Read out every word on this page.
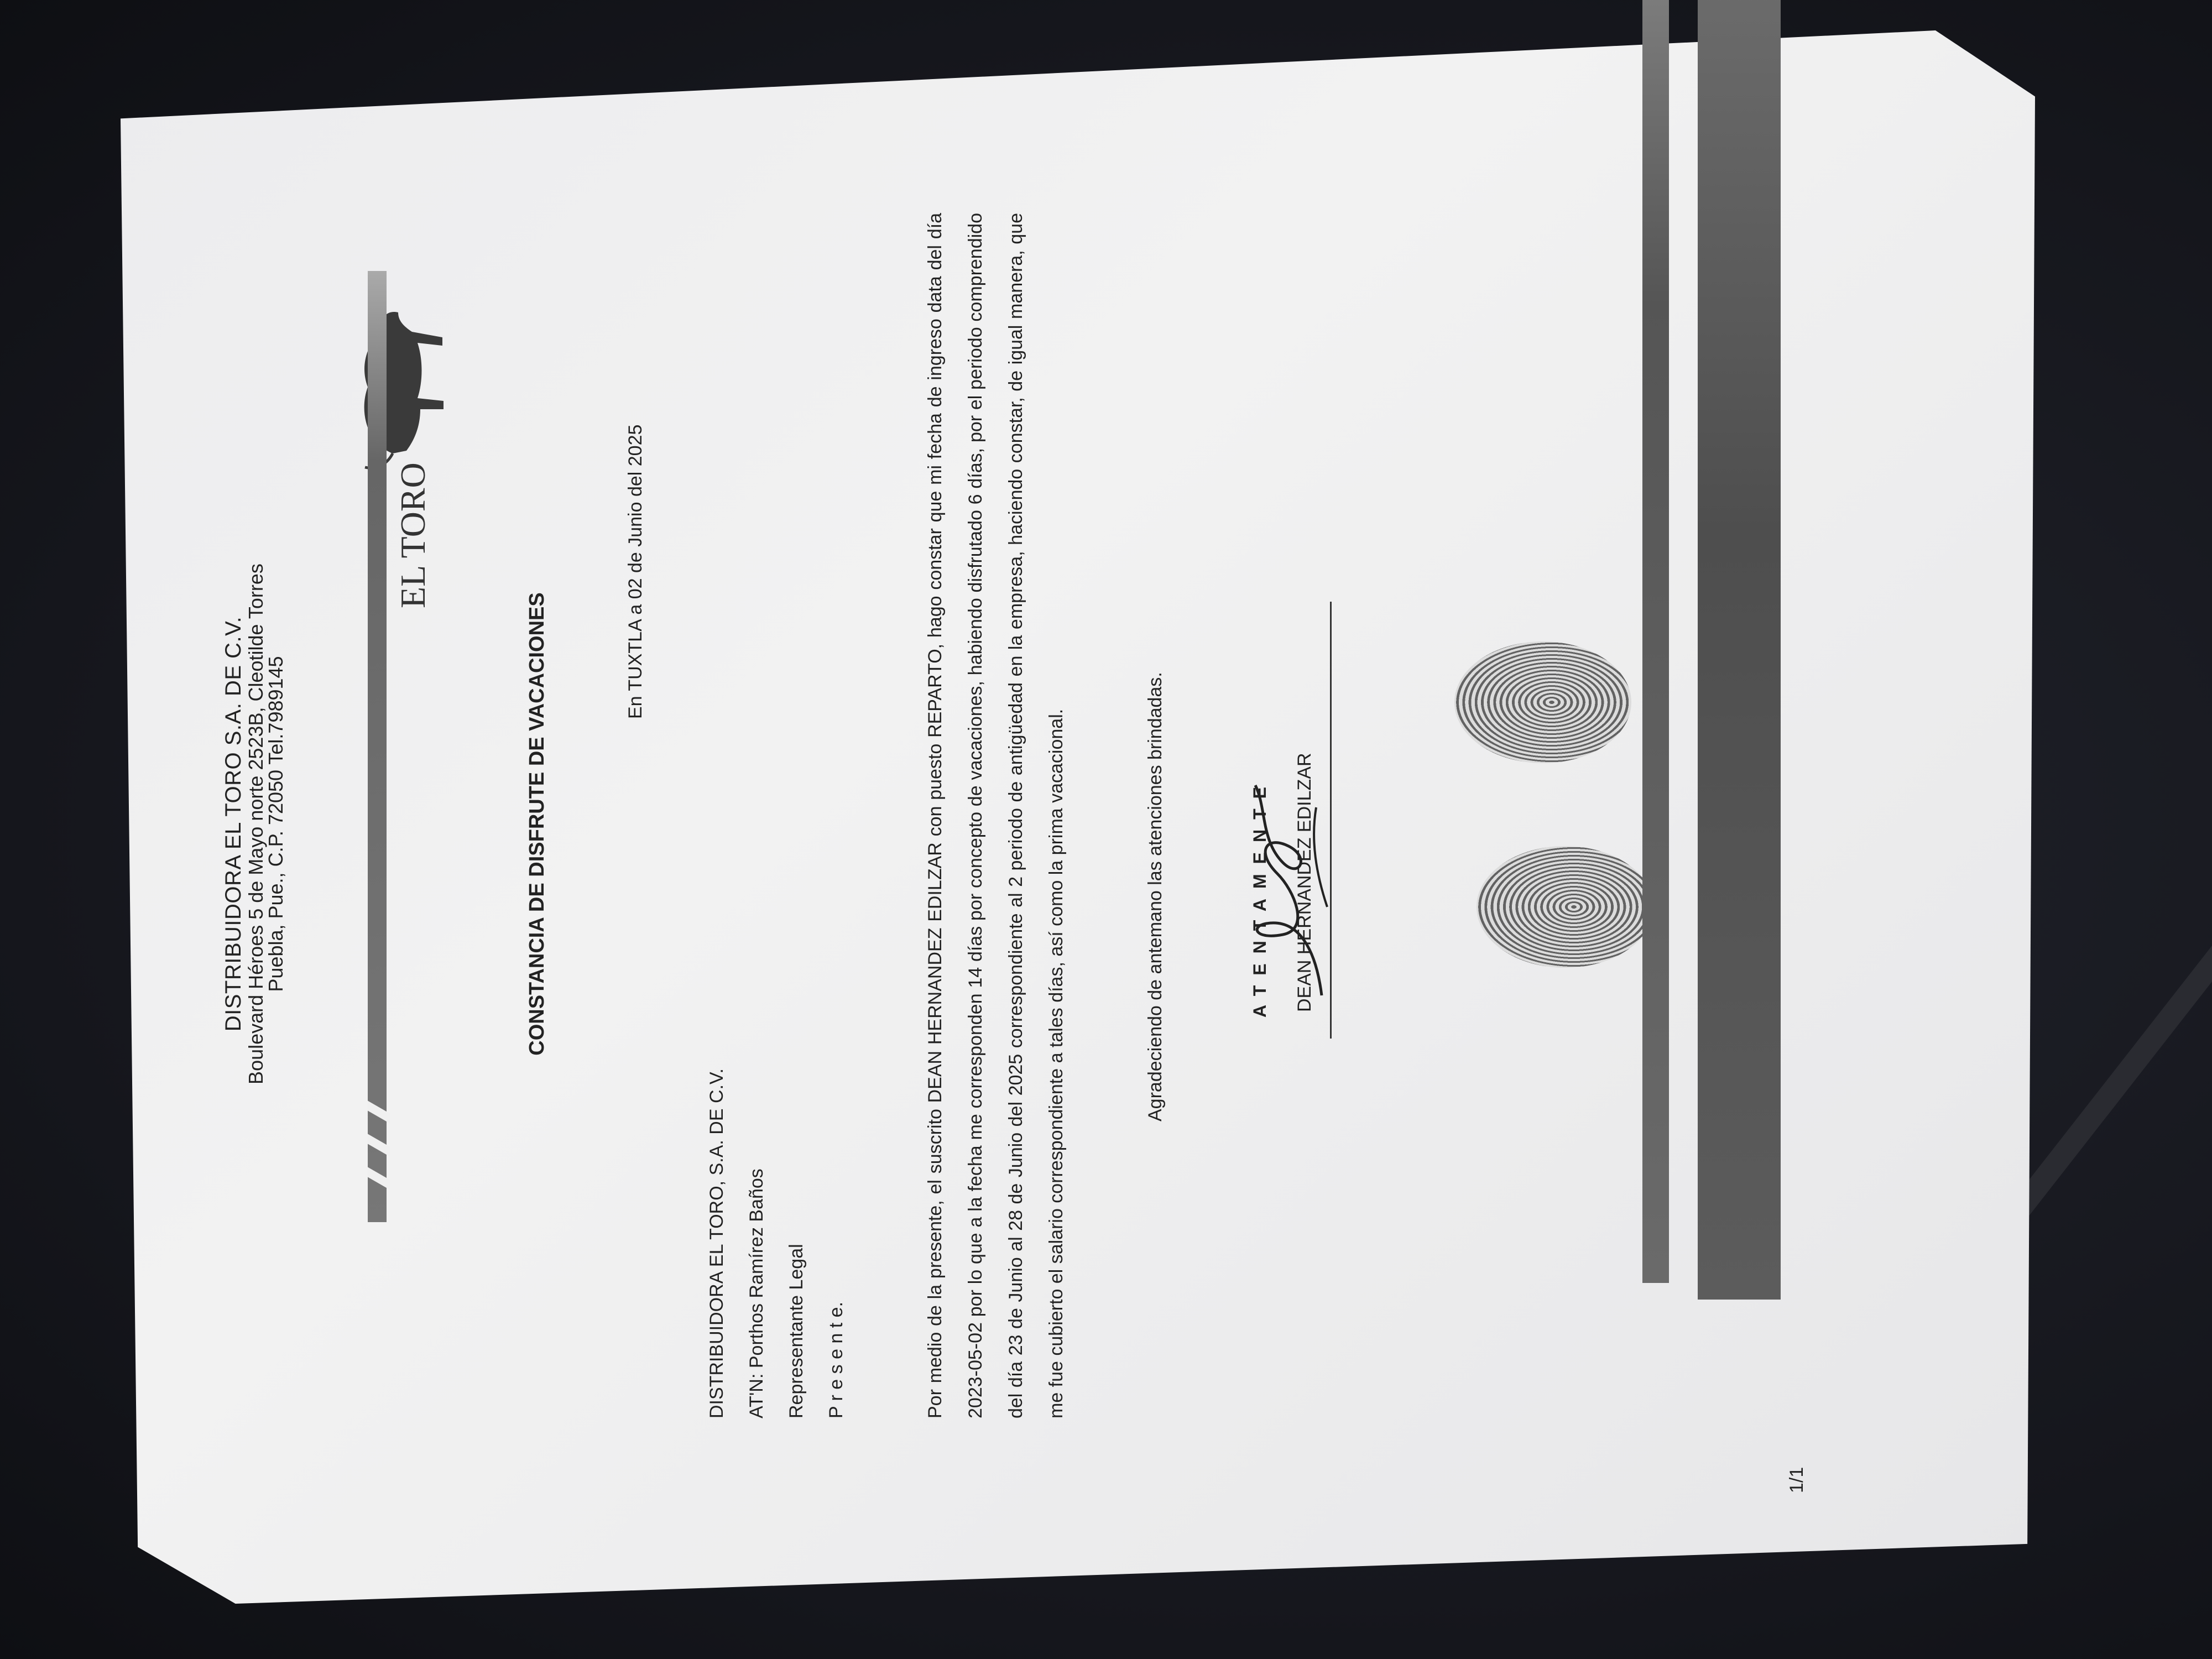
DISTRIBUIDORA EL TORO S.A. DE C.V.
Boulevard Héroes 5 de Mayo norte 2523B, Cleotilde Torres
Puebla, Pue., C.P. 72050 Tel.7989145
EL TORO
CONSTANCIA DE DISFRUTE DE VACACIONES
En TUXTLA a 02 de Junio del 2025
DISTRIBUIDORA EL TORO, S.A. DE C.V.	AT'N: Porthos Ramírez Baños	Representante Legal	P r e s e n t e.	Por medio de la presente, el suscrito DEAN HERNANDEZ EDILZAR con puesto REPARTO, hago constar que mi fecha de ingreso data del día 2023-05-02 por lo que a la fecha me corresponden 14 días por concepto de vacaciones, habiendo disfrutado 6 días, por el periodo comprendido del día 23 de Junio al 28 de Junio del 2025 correspondiente al 2 periodo de antigüedad en la empresa, haciendo constar, de igual manera, que me fue cubierto el salario correspondiente a tales días, así como la prima vacacional.	Agradeciendo de antemano las atenciones brindadas.	ATENTAMENTE DEAN HERNANDEZ EDILZAR
1/1
